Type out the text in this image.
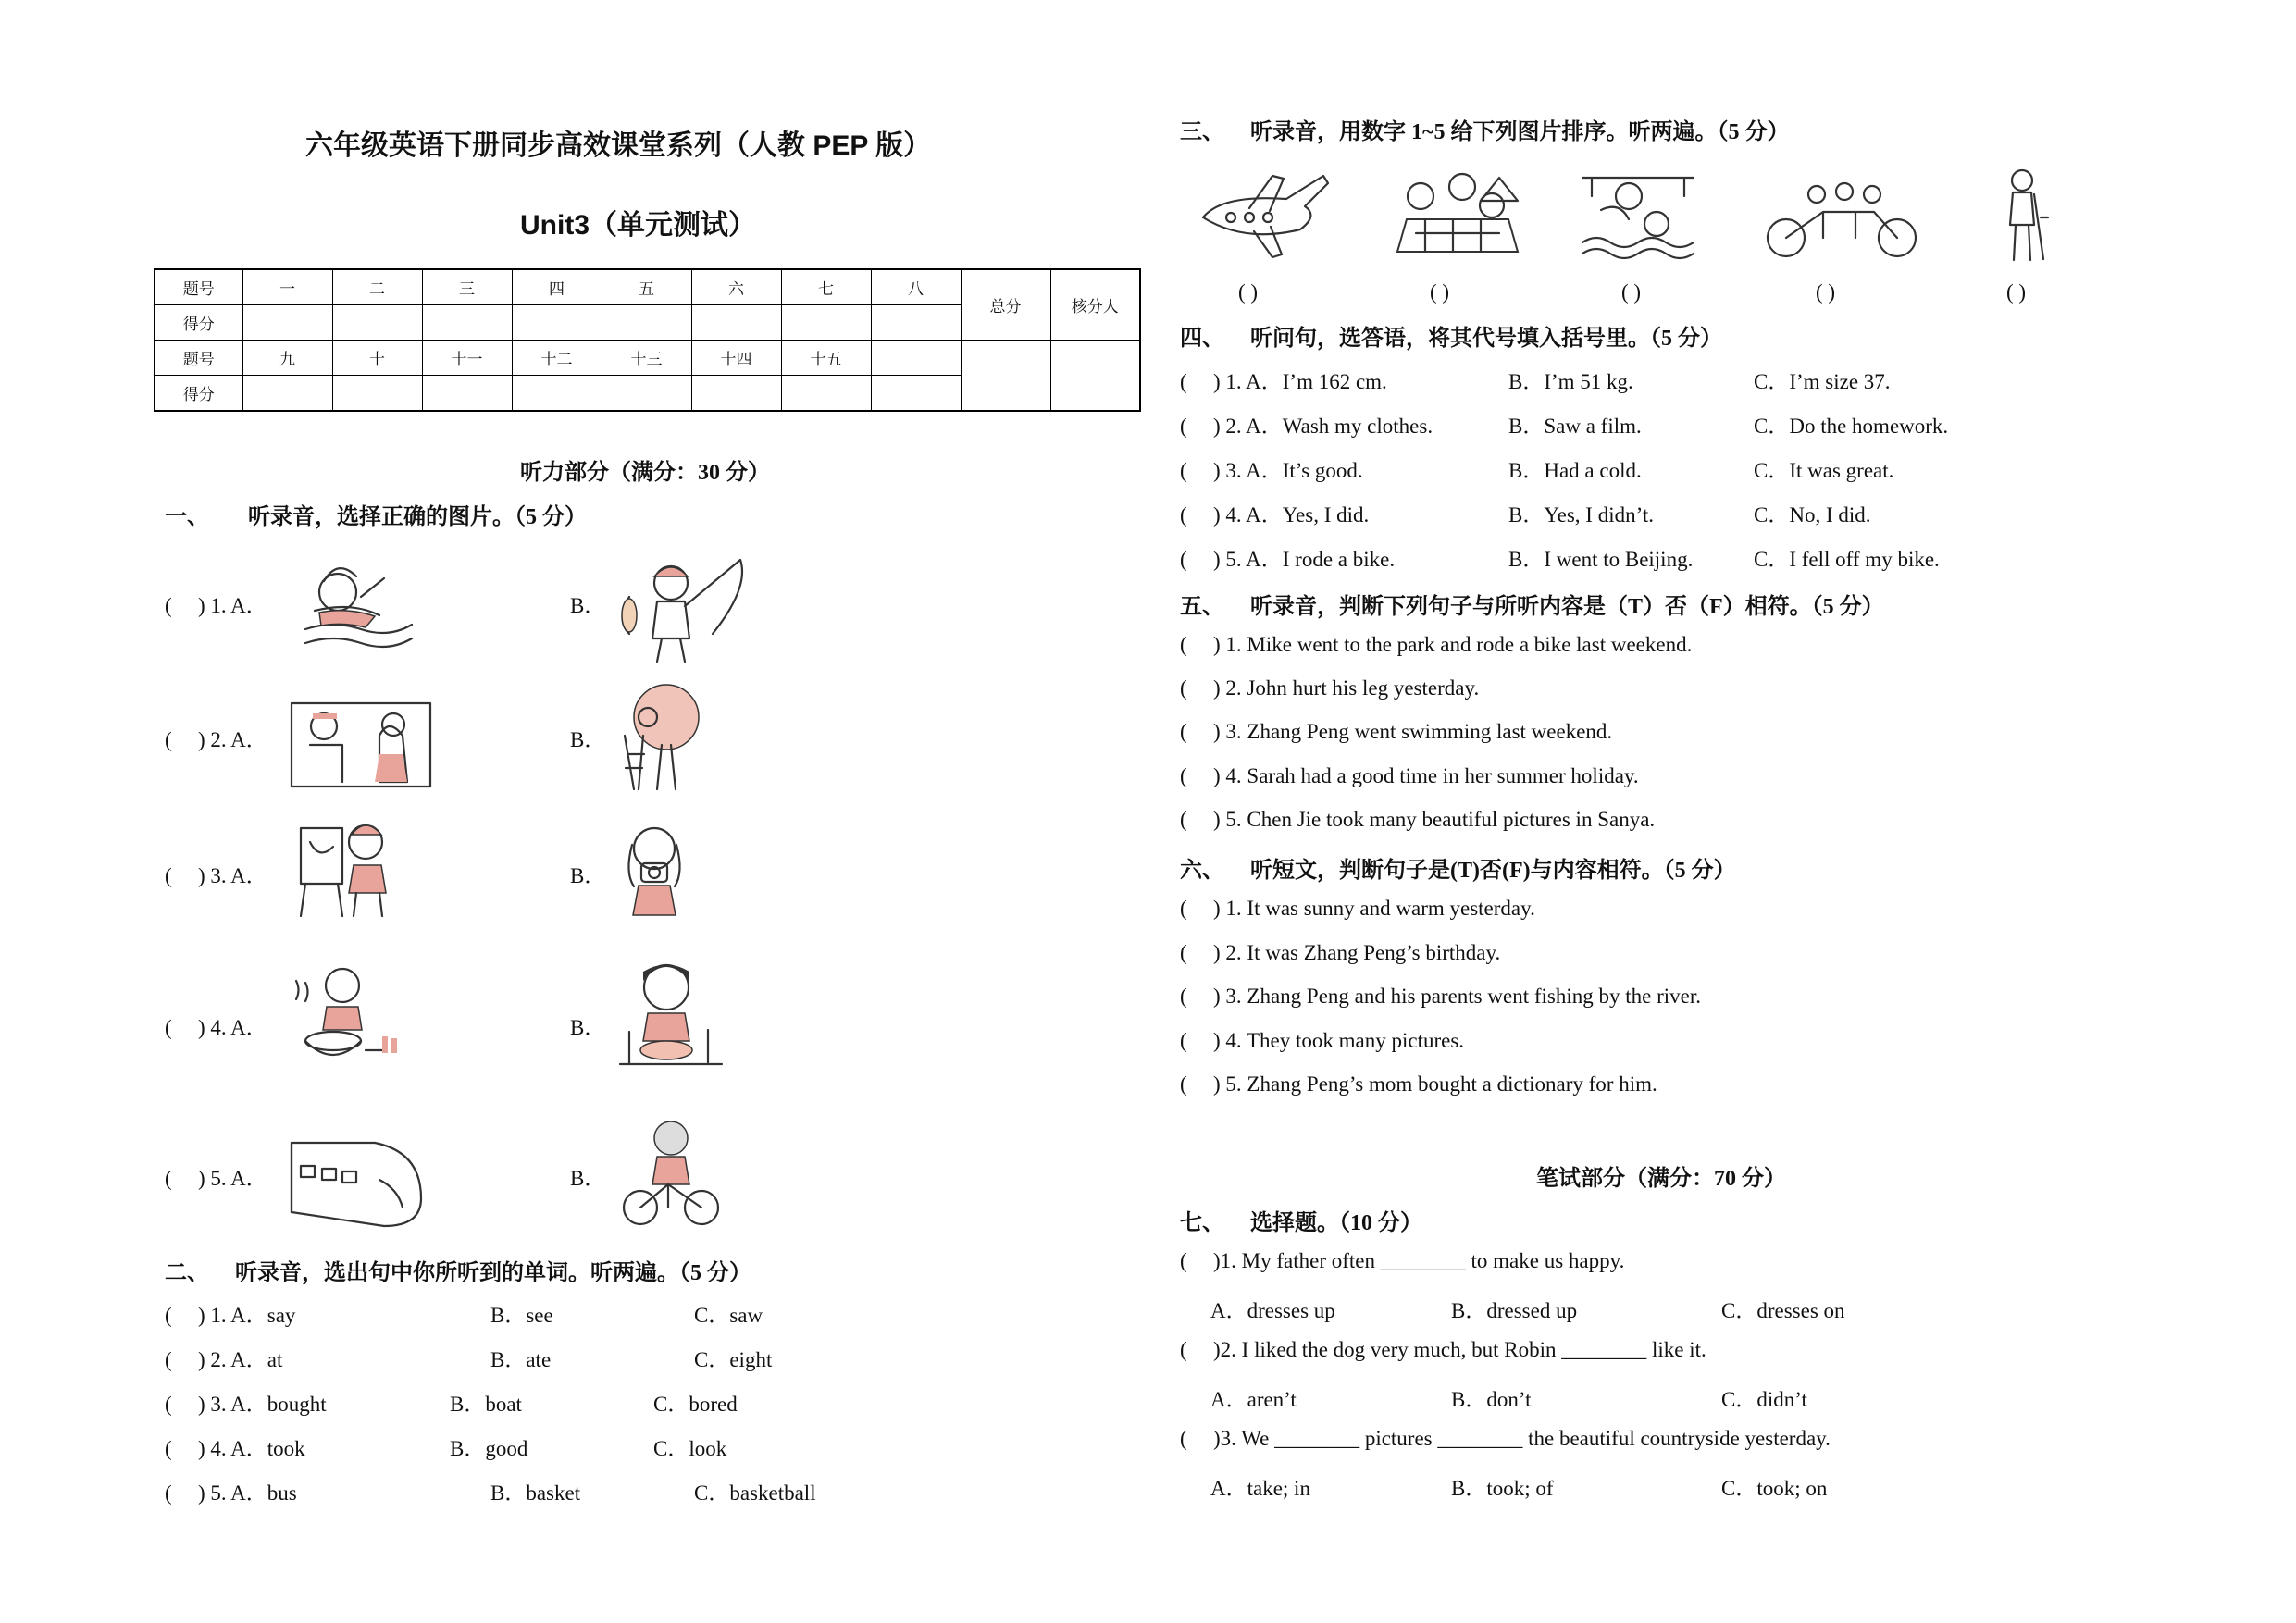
六年级英语下册同步高效课堂系列（人教 PEP 版）
Unit3（单元测试）
题号	一	二	三	四	五	六	七	八	总分	核分人
得分										
题号	九	十	十一	十二	十三	十四	十五			
得分										
听力部分（满分：30 分）
一、 听录音，选择正确的图片。（5 分）
( ) 1. A．	B．
( ) 2. A．	B．
( ) 3. A．	B．
( ) 4. A．	B．
( ) 5. A．	B．
二、 听录音，选出句中你所听到的单词。听两遍。（5 分）
( ) 1. A．say	B．see	C．saw
( ) 2. A．at	B．ate	C．eight
( ) 3. A．bought	B．boat	C．bored
( ) 4. A．took	B．good	C．look
( ) 5. A．bus	B．basket	C．basketball
三、 听录音，用数字 1~5 给下列图片排序。听两遍。（5 分）
( )	( )	( )	( )	( )
四、 听问句，选答语，将其代号填入括号里。（5 分）
( ) 1. A．I’m 162 cm.	B．I’m 51 kg.	C．I’m size 37.
( ) 2. A．Wash my clothes.	B．Saw a film.	C．Do the homework.
( ) 3. A．It’s good.	B．Had a cold.	C．It was great.
( ) 4. A．Yes, I did.	B．Yes, I didn’t.	C．No, I did.
( ) 5. A．I rode a bike.	B．I went to Beijing.	C．I fell off my bike.
五、 听录音，判断下列句子与所听内容是（T）否（F）相符。（5 分）
( ) 1. Mike went to the park and rode a bike last weekend.
( ) 2. John hurt his leg yesterday.
( ) 3. Zhang Peng went swimming last weekend.
( ) 4. Sarah had a good time in her summer holiday.
( ) 5. Chen Jie took many beautiful pictures in Sanya.
六、 听短文，判断句子是(T)否(F)与内容相符。（5 分）
( ) 1. It was sunny and warm yesterday.
( ) 2. It was Zhang Peng’s birthday.
( ) 3. Zhang Peng and his parents went fishing by the river.
( ) 4. They took many pictures.
( ) 5. Zhang Peng’s mom bought a dictionary for him.
笔试部分（满分：70 分）
七、 选择题。（10 分）
( )1. My father often ________ to make us happy.
A．dresses up	B．dressed up	C．dresses on
( )2. I liked the dog very much, but Robin ________ like it.
A．aren’t	B．don’t	C．didn’t
( )3. We ________ pictures ________ the beautiful countryside yesterday.
A．take; in	B．took; of	C．took; on
